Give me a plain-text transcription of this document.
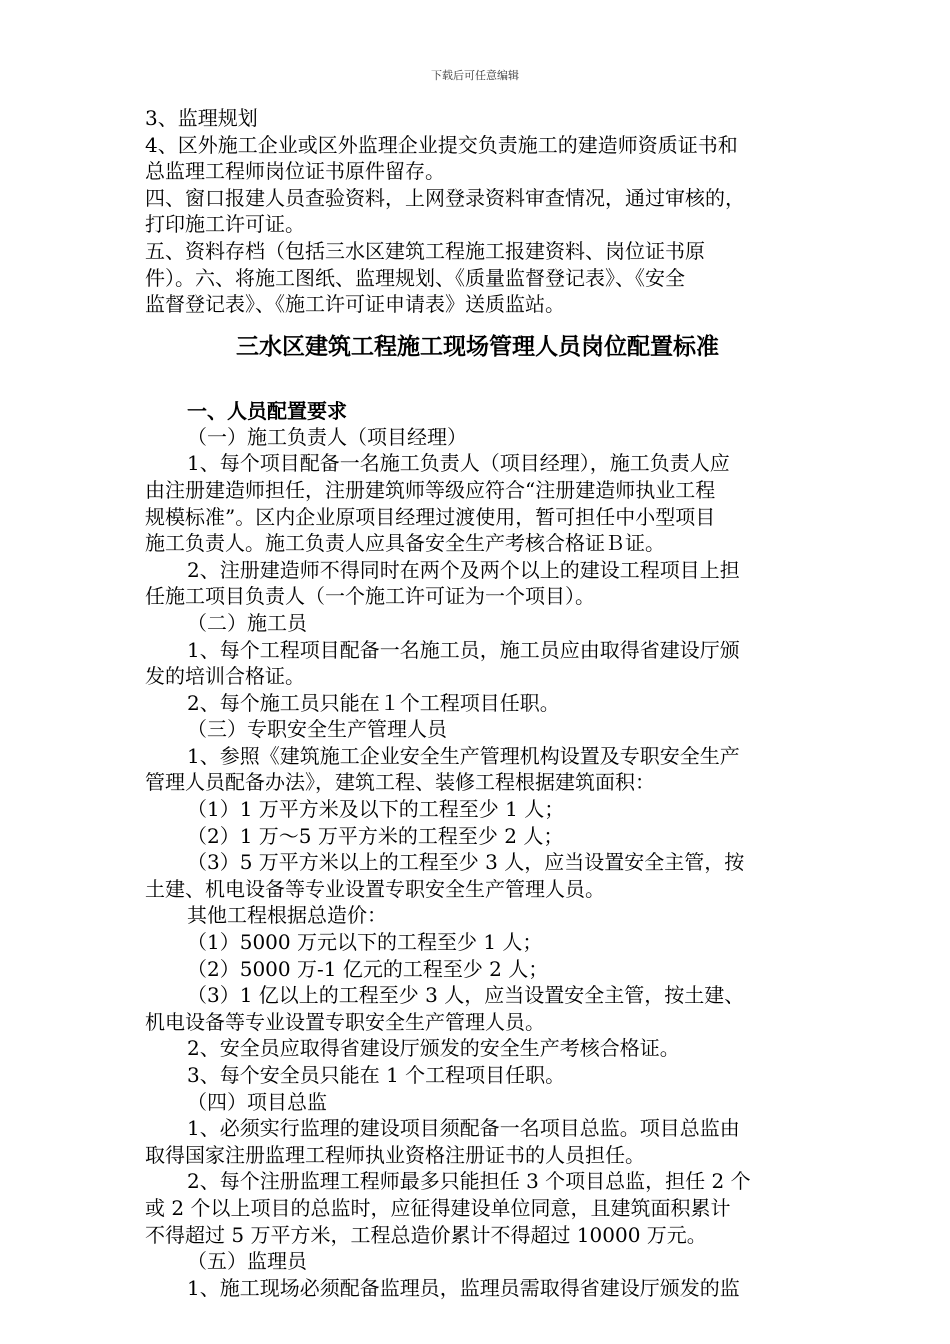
下载后可任意编辑
3、监理规划
4、区外施工企业或区外监理企业提交负责施工的建造师资质证书和
总监理工程师岗位证书原件留存。
四、窗口报建人员查验资料，上网登录资料审查情况，通过审核的，
打印施工许可证。
五、资料存档（包括三水区建筑工程施工报建资料、岗位证书原
件）。六、将施工图纸、监理规划、《质量监督登记表》、《安全
监督登记表》、《施工许可证申请表》送质监站。
三水区建筑工程施工现场管理人员岗位配置标准
一、人员配置要求
（一）施工负责人（项目经理）
1、每个项目配备一名施工负责人（项目经理），施工负责人应
由注册建造师担任，注册建筑师等级应符合“注册建造师执业工程
规模标准”。区内企业原项目经理过渡使用，暂可担任中小型项目
施工负责人。施工负责人应具备安全生产考核合格证Ｂ证。
2、注册建造师不得同时在两个及两个以上的建设工程项目上担
任施工项目负责人（一个施工许可证为一个项目）。
（二）施工员
1、每个工程项目配备一名施工员，施工员应由取得省建设厅颁
发的培训合格证。
2、每个施工员只能在１个工程项目任职。
（三）专职安全生产管理人员
1、参照《建筑施工企业安全生产管理机构设置及专职安全生产
管理人员配备办法》，建筑工程、装修工程根据建筑面积：
（1）1 万平方米及以下的工程至少 1 人；
（2）1 万～5 万平方米的工程至少 2 人；
（3）5 万平方米以上的工程至少 3 人，应当设置安全主管，按
土建、机电设备等专业设置专职安全生产管理人员。
其他工程根据总造价：
（1）5000 万元以下的工程至少 1 人；
（2）5000 万-1 亿元的工程至少 2 人；
（3）1 亿以上的工程至少 3 人，应当设置安全主管，按土建、
机电设备等专业设置专职安全生产管理人员。
2、安全员应取得省建设厅颁发的安全生产考核合格证。
3、每个安全员只能在 1 个工程项目任职。
（四）项目总监
1、必须实行监理的建设项目须配备一名项目总监。项目总监由
取得国家注册监理工程师执业资格注册证书的人员担任。
2、每个注册监理工程师最多只能担任 3 个项目总监，担任 2 个
或 2 个以上项目的总监时，应征得建设单位同意，且建筑面积累计
不得超过 5 万平方米，工程总造价累计不得超过 10000 万元。
（五）监理员
1、施工现场必须配备监理员，监理员需取得省建设厅颁发的监
